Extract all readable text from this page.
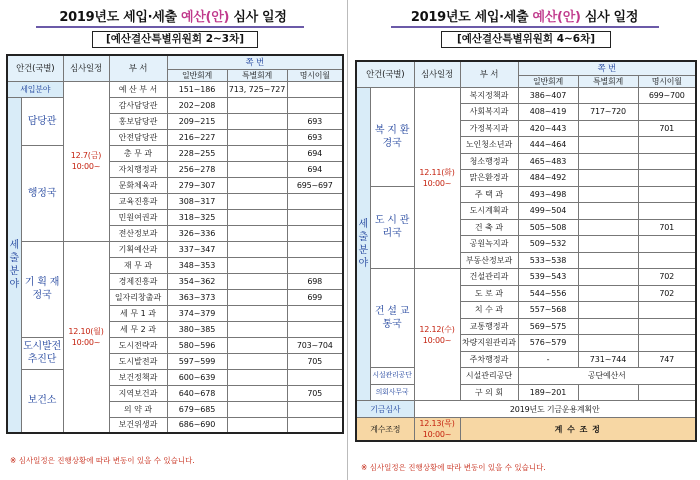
2019년도 세입·세출 예산(안) 심사 일정
[예산결산특별위원회 2~3차]
안건(국별)		심사일정	부 서	쪽 번		
				일반회계	특별회계	명시이월
세입분야		12.7(금) 10:00~	예 산 부 서	151~186	713, 725~727	
세 출 분 야	담당관		감사담당관	202~208		
			홍보담당관	209~215		693
			안전담당관	216~227		693
	행정국		총 무 과	228~255		694
			자치행정과	256~278		694
			문화체육과	279~307		695~697
			교육진흥과	308~317		
			민원여권과	318~325		
			전산정보과	326~336		
	기 획 재정국	12.10(월) 10:00~	기획예산과	337~347		
			재 무 과	348~353		
			경제진흥과	354~362		698
			일자리창출과	363~373		699
			세 무 1 과	374~379		
			세 무 2 과	380~385		
	도시발전 추진단		도시전략과	580~596		703~704
			도시발전과	597~599		705
	보건소		보건정책과	600~639		
			지역보건과	640~678		705
			의 약 과	679~685		
			보건위생과	686~690		
※ 심사일정은 진행상황에 따라 변동이 있을 수 있습니다.
2019년도 세입·세출 예산(안) 심사 일정
[예산결산특별위원회 4~6차]
안건(국별)		심사일정	부 서	쪽 번		
				일반회계	특별회계	명시이월
세 출 분 야	복 지 환경국	12.11(화) 10:00~	복지정책과	386~407		699~700
			사회복지과	408~419	717~720	
			가정복지과	420~443		701
			노인청소년과	444~464		
			청소행정과	465~483		
			맑은환경과	484~492		
	도 시 관리국		주 택 과	493~498		
			도시계획과	499~504		
			건 축 과	505~508		701
			공원녹지과	509~532		
			부동산정보과	533~538		
	건 설 교통국	12.12(수) 10:00~	건설관리과	539~543		702
			도 로 과	544~556		702
			치 수 과	557~568		
			교통행정과	569~575		
			차량지원관리과	576~579		
			주차행정과	-	731~744	747
	시설관리공단		시설관리공단	공단예산서		
	의회사무국		구 의 회	189~201		
기금심사		2019년도 기금운용계획안				
계수조정		12.13(목) 10:00~	계 수 조 정			
※ 심사일정은 진행상황에 따라 변동이 있을 수 있습니다.
